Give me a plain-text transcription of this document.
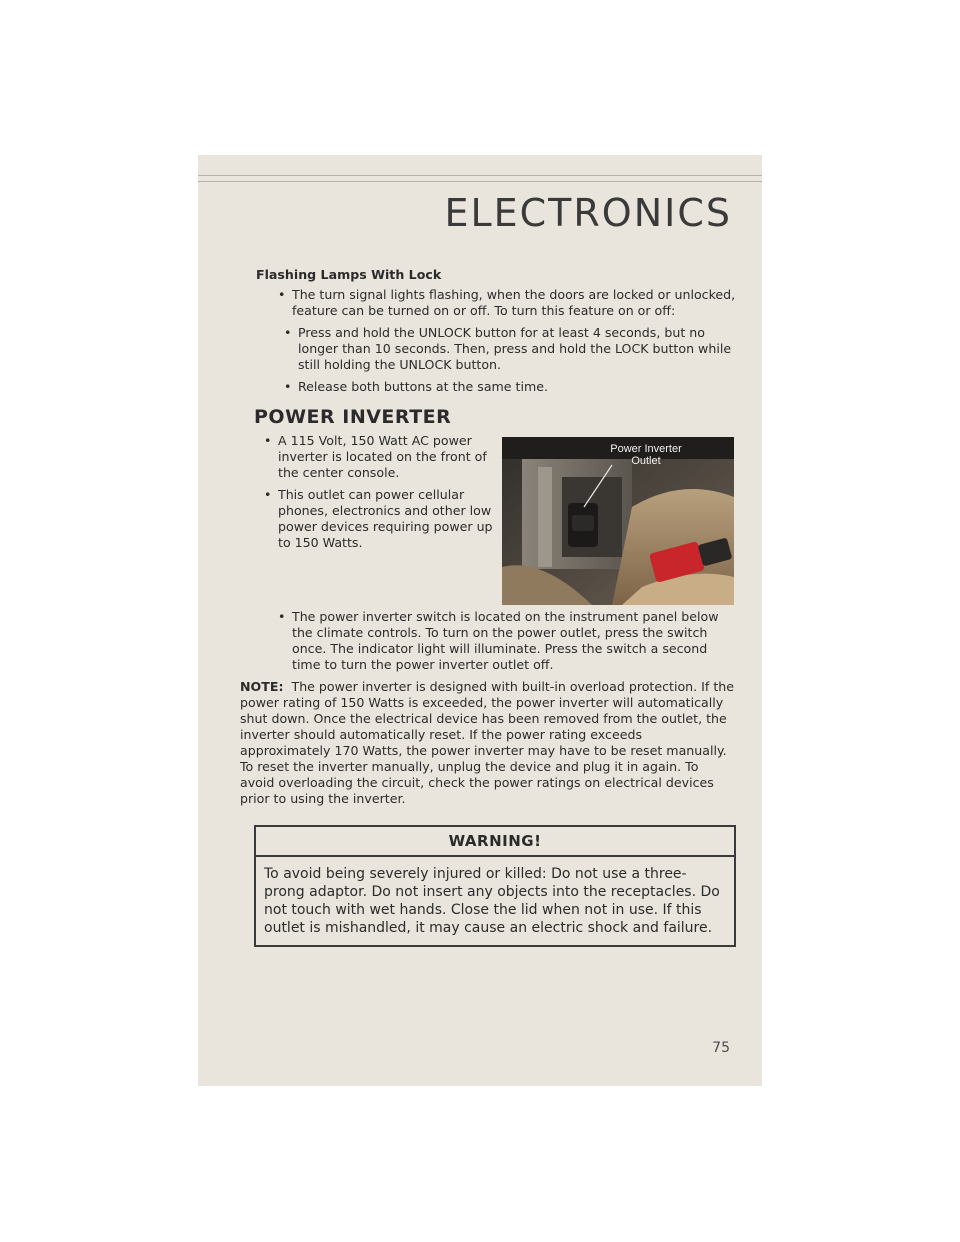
ELECTRONICS
Flashing Lamps With Lock
• The turn signal lights flashing, when the doors are locked or unlocked, feature can be turned on or off. To turn this feature on or off:
• Press and hold the UNLOCK button for at least 4 seconds, but no longer than 10 seconds. Then, press and hold the LOCK button while still holding the UNLOCK button.
• Release both buttons at the same time.
POWER INVERTER
• A 115 Volt, 150 Watt AC power inverter is located on the front of the center console.
• This outlet can power cellular phones, electronics and other low power devices requiring power up to 150 Watts.
Power Inverter Outlet
• The power inverter switch is located on the instrument panel below the climate controls. To turn on the power outlet, press the switch once. The indicator light will illuminate. Press the switch a second time to turn the power inverter outlet off.
NOTE: The power inverter is designed with built-in overload protection. If the power rating of 150 Watts is exceeded, the power inverter will automatically shut down. Once the electrical device has been removed from the outlet, the inverter should automatically reset. If the power rating exceeds approximately 170 Watts, the power inverter may have to be reset manually. To reset the inverter manually, unplug the device and plug it in again. To avoid overloading the circuit, check the power ratings on electrical devices prior to using the inverter.
WARNING!
To avoid being severely injured or killed: Do not use a three-prong adaptor. Do not insert any objects into the receptacles. Do not touch with wet hands. Close the lid when not in use. If this outlet is mishandled, it may cause an electric shock and failure.
75
